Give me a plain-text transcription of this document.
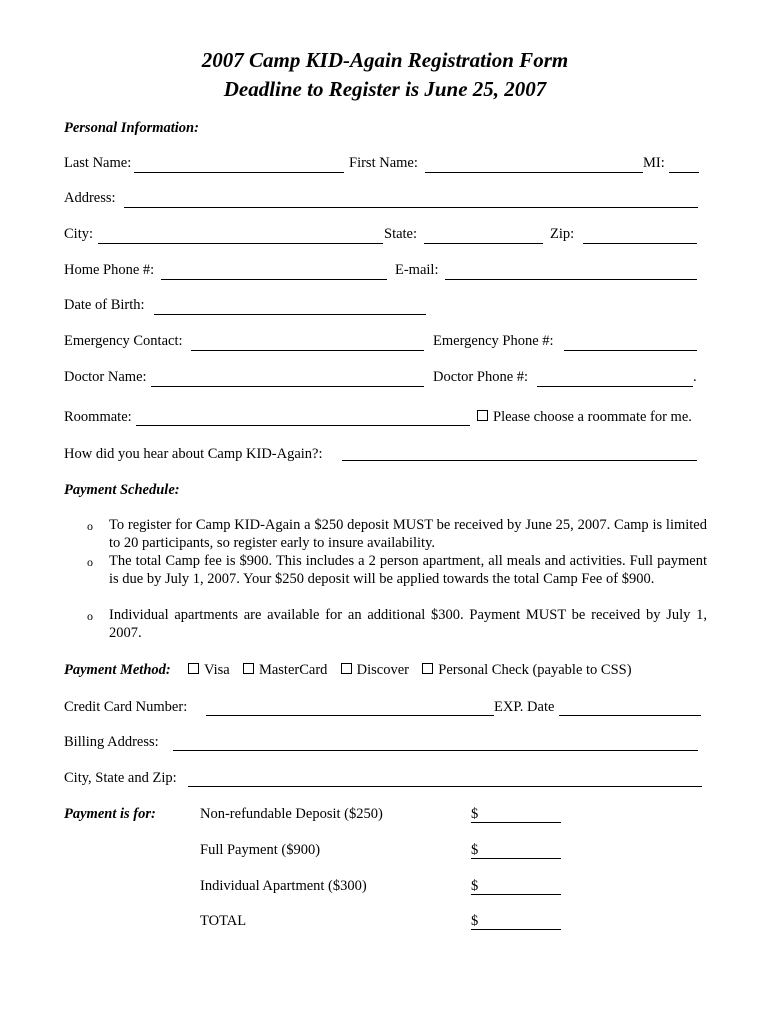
2007 Camp KID-Again Registration Form
Deadline to Register is June 25, 2007
Personal Information:
Last Name:	First Name:	MI:
Address:
City:	State:	Zip:
Home Phone #:	E-mail:
Date of Birth:
Emergency Contact:	Emergency Phone #:
Doctor Name:	Doctor Phone #:	.
Roommate:	Please choose a roommate for me.
How did you hear about Camp KID-Again?:
Payment Schedule:
o To register for Camp KID-Again a $250 deposit MUST be received by June 25, 2007. Camp is limited to 20 participants, so register early to insure availability.
o The total Camp fee is $900. This includes a 2 person apartment, all meals and activities. Full payment is due by July 1, 2007. Your $250 deposit will be applied towards the total Camp Fee of $900.
o Individual apartments are available for an additional $300. Payment MUST be received by July 1, 2007.
Payment Method: Visa MasterCard Discover Personal Check (payable to CSS)
Credit Card Number:	EXP. Date
Billing Address:
City, State and Zip:
Payment is for:	Non-refundable Deposit ($250)	$
Full Payment ($900)	$
Individual Apartment ($300)	$
TOTAL	$
